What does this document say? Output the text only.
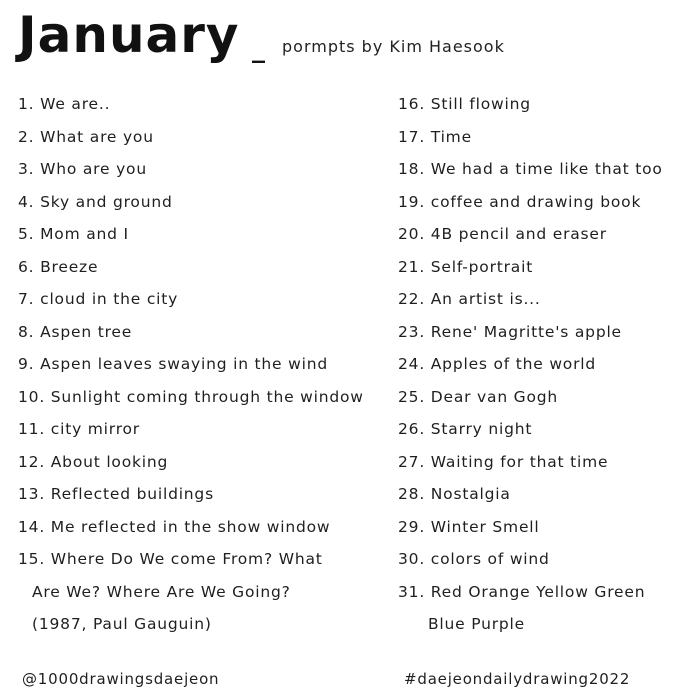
January _ pormpts by Kim Haesook
1. We are..
2. What are you
3. Who are you
4. Sky and ground
5. Mom and I
6. Breeze
7. cloud in the city
8. Aspen tree
9. Aspen leaves swaying in the wind
10. Sunlight coming through the window
11. city mirror
12. About looking
13. Reflected buildings
14. Me reflected in the show window
15. Where Do We come From? What
Are We? Where Are We Going?
(1987, Paul Gauguin)
16. Still flowing
17. Time
18. We had a time like that too
19. coffee and drawing book
20. 4B pencil and eraser
21. Self-portrait
22. An artist is...
23. Rene' Magritte's apple
24. Apples of the world
25. Dear van Gogh
26. Starry night
27. Waiting for that time
28. Nostalgia
29. Winter Smell
30. colors of wind
31. Red Orange Yellow Green
Blue Purple
@1000drawingsdaejeon	#daejeondailydrawing2022
